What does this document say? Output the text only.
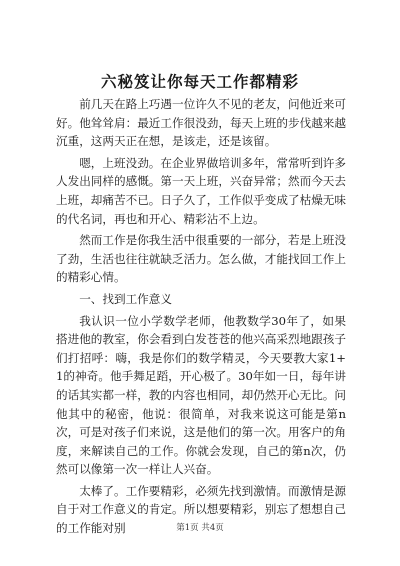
六秘笈让你每天工作都精彩

前几天在路上巧遇一位许久不见的老友，问他近来可好。他耸耸肩：最近工作很没劲，每天上班的步伐越来越沉重，这两天正在想，是该走，还是该留。

嗯，上班没劲。在企业界做培训多年，常常听到许多人发出同样的感慨。第一天上班，兴奋异常；然而今天去上班，却痛苦不已。日子久了，工作似乎变成了枯燥无味的代名词，再也和开心、精彩沾不上边。

然而工作是你我生活中很重要的一部分，若是上班没了劲，生活也往往就缺乏活力。怎么做，才能找回工作上的精彩心情。

一、找到工作意义

我认识一位小学数学老师，他教数学30年了，如果搭进他的教室，你会看到白发苍苍的他兴高采烈地跟孩子们打招呼：嗨，我是你们的数学精灵，今天要教大家1+1的神奇。他手舞足蹈，开心极了。30年如一日，每年讲的话其实都一样，教的内容也相同，却仍然开心无比。问他其中的秘密，他说：很简单，对我来说这可能是第n次，可是对孩子们来说，这是他们的第一次。用客户的角度，来解读自己的工作。你就会发现，自己的第n次，仍然可以像第一次一样让人兴奋。

太棒了。工作要精彩，必须先找到激情。而激情是源自于对工作意义的肯定。所以想要精彩，别忘了想想自己的工作能对别	第1页 共4页
